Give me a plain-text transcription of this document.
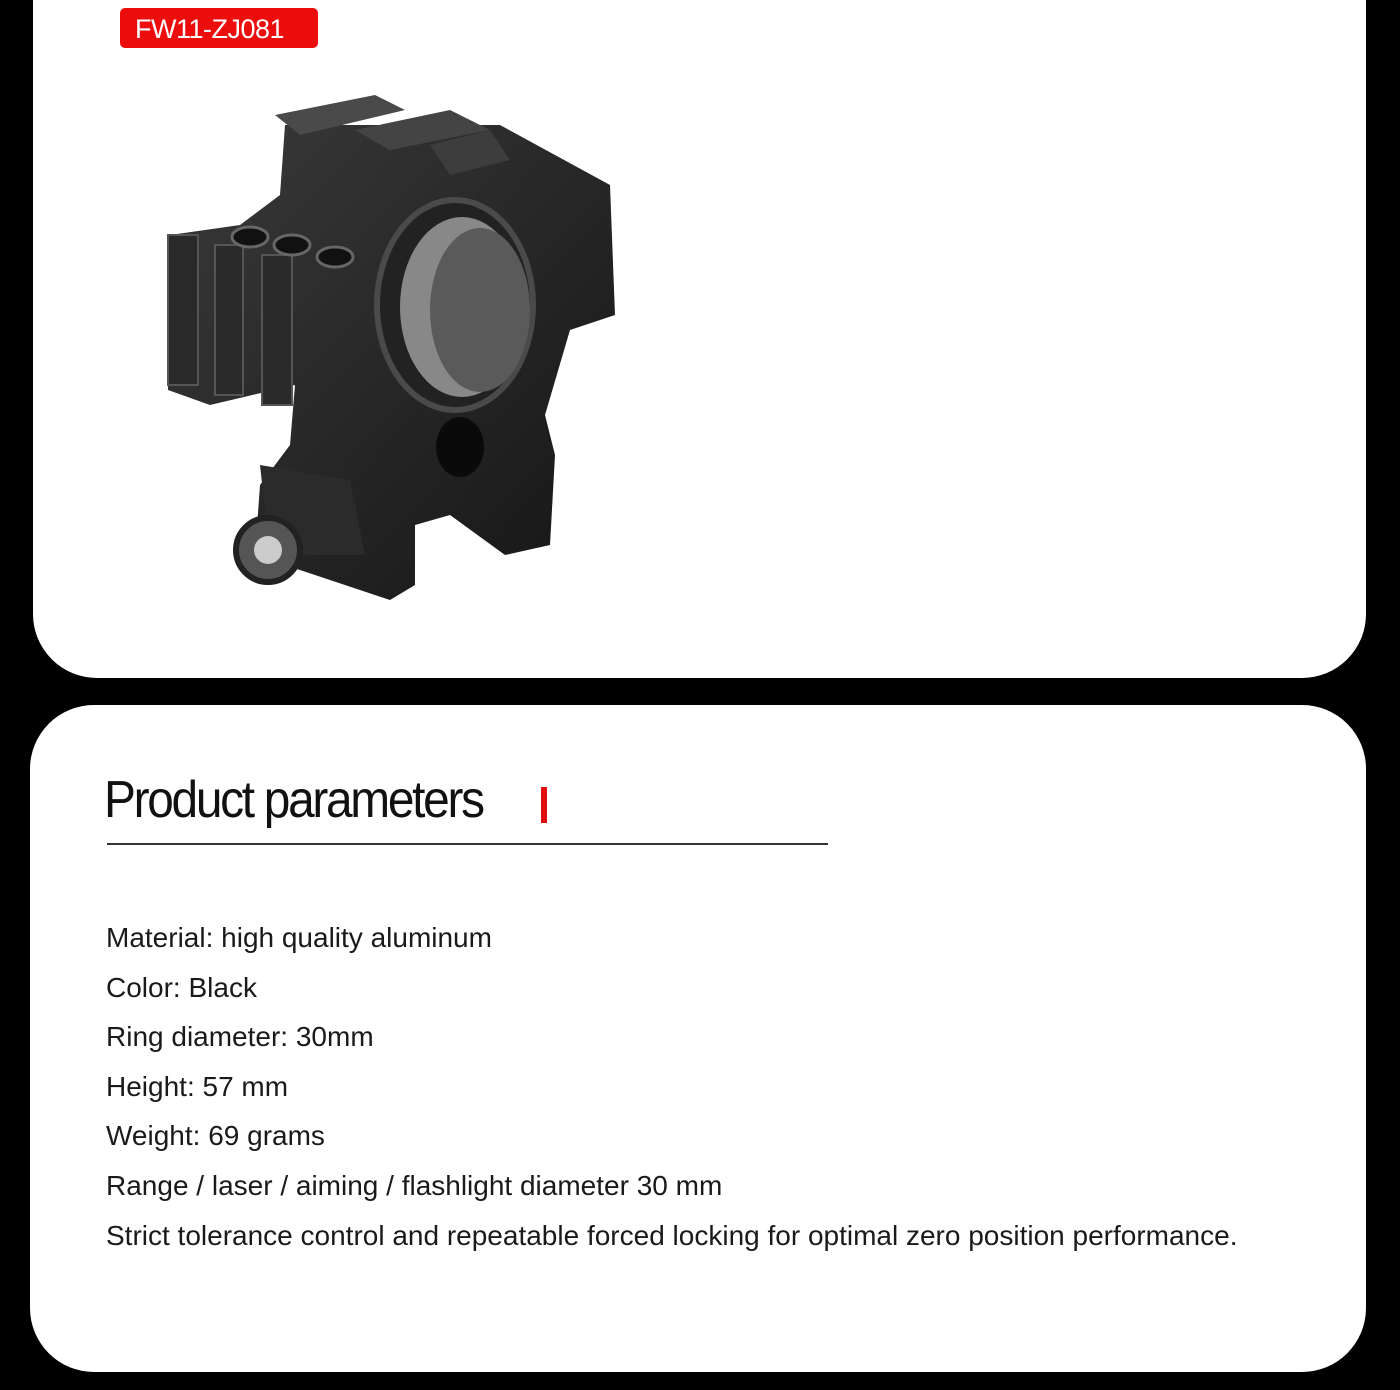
FW11-ZJ081
Product parameters
Material: high quality aluminum
Color: Black
Ring diameter: 30mm
Height: 57 mm
Weight: 69 grams
Range / laser / aiming / flashlight diameter 30 mm
Strict tolerance control and repeatable forced locking for optimal zero position performance.
